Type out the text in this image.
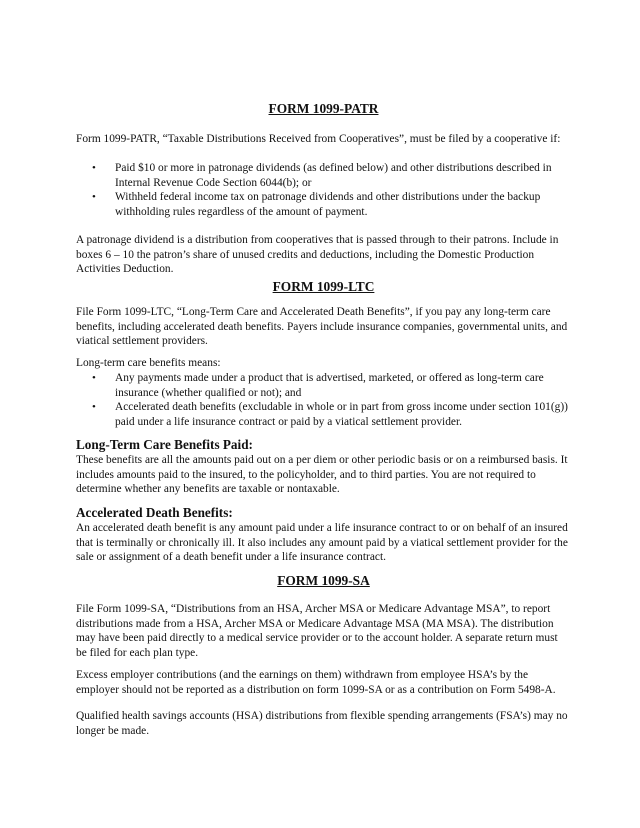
FORM 1099-PATR

Form 1099-PATR, “Taxable Distributions Received from Cooperatives”, must be filed by a cooperative if:

• Paid $10 or more in patronage dividends (as defined below) and other distributions described in Internal Revenue Code Section 6044(b); or
• Withheld federal income tax on patronage dividends and other distributions under the backup withholding rules regardless of the amount of payment.

A patronage dividend is a distribution from cooperatives that is passed through to their patrons. Include in boxes 6 – 10 the patron’s share of unused credits and deductions, including the Domestic Production Activities Deduction.

FORM 1099-LTC

File Form 1099-LTC, “Long-Term Care and Accelerated Death Benefits”, if you pay any long-term care benefits, including accelerated death benefits. Payers include insurance companies, governmental units, and viatical settlement providers.

Long-term care benefits means:

• Any payments made under a product that is advertised, marketed, or offered as long-term care insurance (whether qualified or not); and
• Accelerated death benefits (excludable in whole or in part from gross income under section 101(g)) paid under a life insurance contract or paid by a viatical settlement provider.
Long-Term Care Benefits Paid:

These benefits are all the amounts paid out on a per diem or other periodic basis or on a reimbursed basis. It includes amounts paid to the insured, to the policyholder, and to third parties. You are not required to determine whether any benefits are taxable or nontaxable.

Accelerated Death Benefits:

An accelerated death benefit is any amount paid under a life insurance contract to or on behalf of an insured that is terminally or chronically ill. It also includes any amount paid by a viatical settlement provider for the sale or assignment of a death benefit under a life insurance contract.

FORM 1099-SA

File Form 1099-SA, “Distributions from an HSA, Archer MSA or Medicare Advantage MSA”, to report distributions made from a HSA, Archer MSA or Medicare Advantage MSA (MA MSA). The distribution may have been paid directly to a medical service provider or to the account holder. A separate return must be filed for each plan type.

Excess employer contributions (and the earnings on them) withdrawn from employee HSA’s by the employer should not be reported as a distribution on form 1099-SA or as a contribution on Form 5498-A.

Qualified health savings accounts (HSA) distributions from flexible spending arrangements (FSA’s) may no longer be made.
